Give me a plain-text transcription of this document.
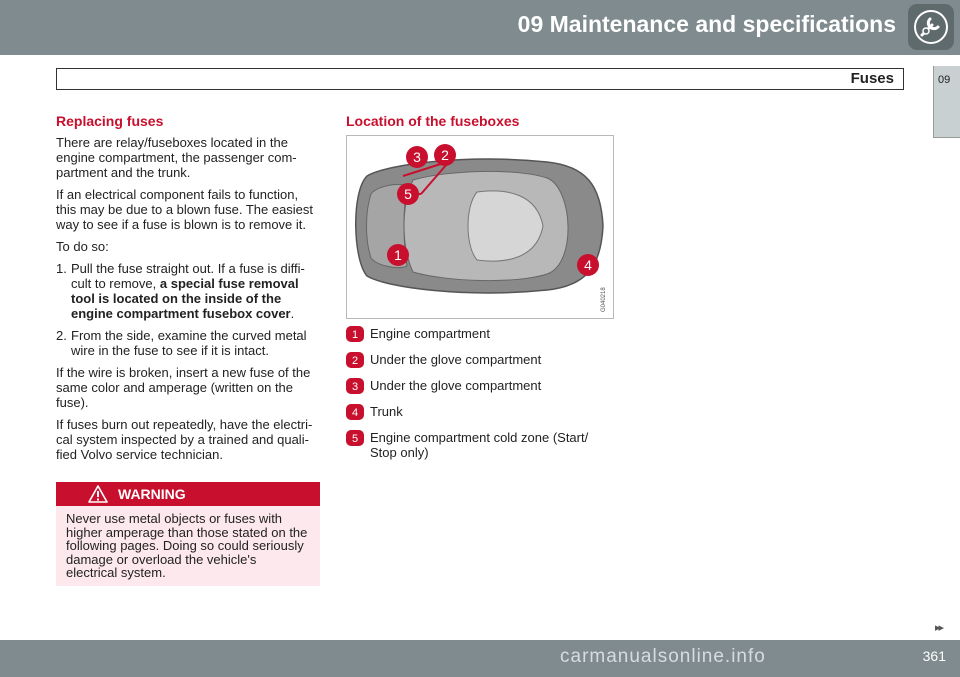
09 Maintenance and specifications
Fuses	09
Replacing fuses

There are relay/fuseboxes located in the engine compartment, the passenger com-partment and the trunk.

If an electrical component fails to function, this may be due to a blown fuse. The easiest way to see if a fuse is blown is to remove it.

To do so:

1. Pull the fuse straight out. If a fuse is diffi-cult to remove, a special fuse removal tool is located on the inside of the engine compartment fusebox cover.
2. From the side, examine the curved metal wire in the fuse to see if it is intact.

If the wire is broken, insert a new fuse of the same color and amperage (written on the fuse).

If fuses burn out repeatedly, have the electri-cal system inspected by a trained and quali-fied Volvo service technician.

WARNING
Never use metal objects or fuses with higher amperage than those stated on the following pages. Doing so could seriously damage or overload the vehicle's electrical system.
Location of the fuseboxes
3 2
5
1
4
G040218
1 Engine compartment
2 Under the glove compartment
3 Under the glove compartment
4 Trunk
5 Engine compartment cold zone (Start/ Stop only)
▸▸
361
carmanualsonline.info
